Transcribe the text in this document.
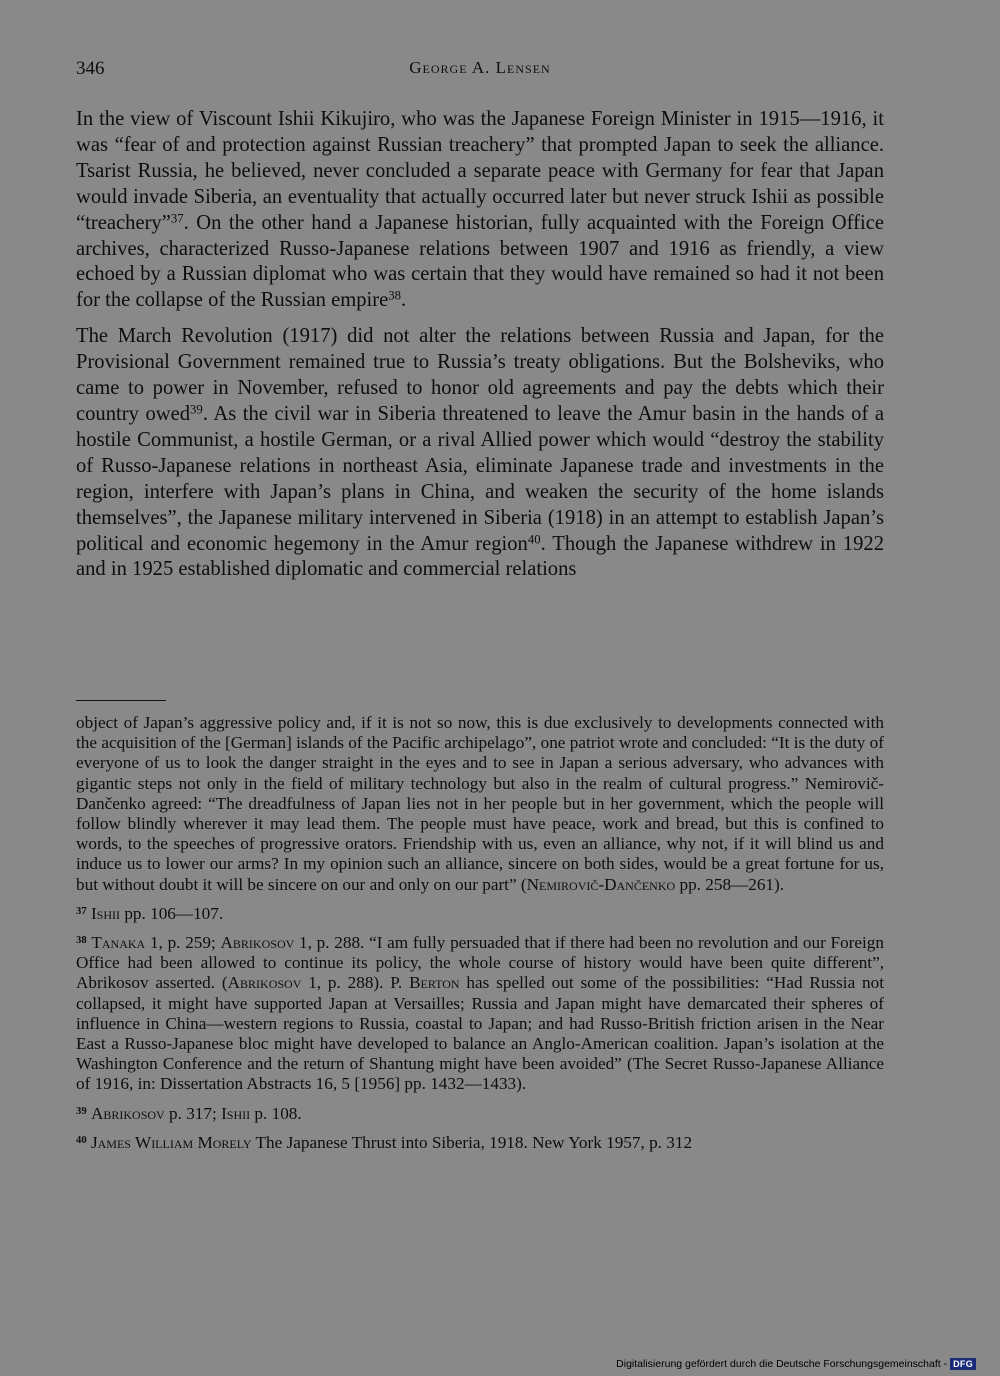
346	George A. Lensen

In the view of Viscount Ishii Kikujiro, who was the Japanese Foreign Minister in 1915—1916, it was “fear of and protection against Russian treachery” that prompted Japan to seek the alliance. Tsarist Russia, he believed, never concluded a separate peace with Germany for fear that Japan would invade Siberia, an eventuality that actually occurred later but never struck Ishii as possible “treachery”$^{37}$. On the other hand a Japanese historian, fully acquainted with the Foreign Office archives, characterized Russo-Japanese relations between 1907 and 1916 as friendly, a view echoed by a Russian diplomat who was certain that they would have remained so had it not been for the collapse of the Russian empire$^{38}$.

The March Revolution (1917) did not alter the relations between Russia and Japan, for the Provisional Government remained true to Russia’s treaty obligations. But the Bolsheviks, who came to power in November, refused to honor old agreements and pay the debts which their country owed$^{39}$. As the civil war in Siberia threatened to leave the Amur basin in the hands of a hostile Communist, a hostile German, or a rival Allied power which would “destroy the stability of Russo-Japanese relations in northeast Asia, eliminate Japanese trade and investments in the region, interfere with Japan’s plans in China, and weaken the security of the home islands themselves”, the Japanese military intervened in Siberia (1918) in an attempt to establish Japan’s political and economic hegemony in the Amur region$^{40}$. Though the Japanese withdrew in 1922 and in 1925 established diplomatic and commercial relations

object of Japan’s aggressive policy and, if it is not so now, this is due exclusively to developments connected with the acquisition of the [German] islands of the Pacific archipelago”, one patriot wrote and concluded: “It is the duty of everyone of us to look the danger straight in the eyes and to see in Japan a serious adversary, who advances with gigantic steps not only in the field of military technology but also in the realm of cultural progress.” Nemirovič-Dančenko agreed: “The dreadfulness of Japan lies not in her people but in her government, which the people will follow blindly wherever it may lead them. The people must have peace, work and bread, but this is confined to words, to the speeches of progressive orators. Friendship with us, even an alliance, why not, if it will blind us and induce us to lower our arms? In my opinion such an alliance, sincere on both sides, would be a great fortune for us, but without doubt it will be sincere on our and only on our part” (Nemirovič-Dančenko pp. 258—261).

$^{37}$ Ishii pp. 106—107.

$^{38}$ Tanaka 1, p. 259; Abrikosov 1, p. 288. “I am fully persuaded that if there had been no revolution and our Foreign Office had been allowed to continue its policy, the whole course of history would have been quite different”, Abrikosov asserted. (Abrikosov 1, p. 288). P. Berton has spelled out some of the possibilities: “Had Russia not collapsed, it might have supported Japan at Versailles; Russia and Japan might have demarcated their spheres of influence in China—western regions to Russia, coastal to Japan; and had Russo-British friction arisen in the Near East a Russo-Japanese bloc might have developed to balance an Anglo-American coalition. Japan’s isolation at the Washington Conference and the return of Shantung might have been avoided” (The Secret Russo-Japanese Alliance of 1916, in: Dissertation Abstracts 16, 5 [1956] pp. 1432—1433).

$^{39}$ Abrikosov p. 317; Ishii p. 108.

$^{40}$ James William Morely The Japanese Thrust into Siberia, 1918. New York 1957, p. 312

Digitalisierung gefördert durch die Deutsche Forschungsgemeinschaft - DFG
